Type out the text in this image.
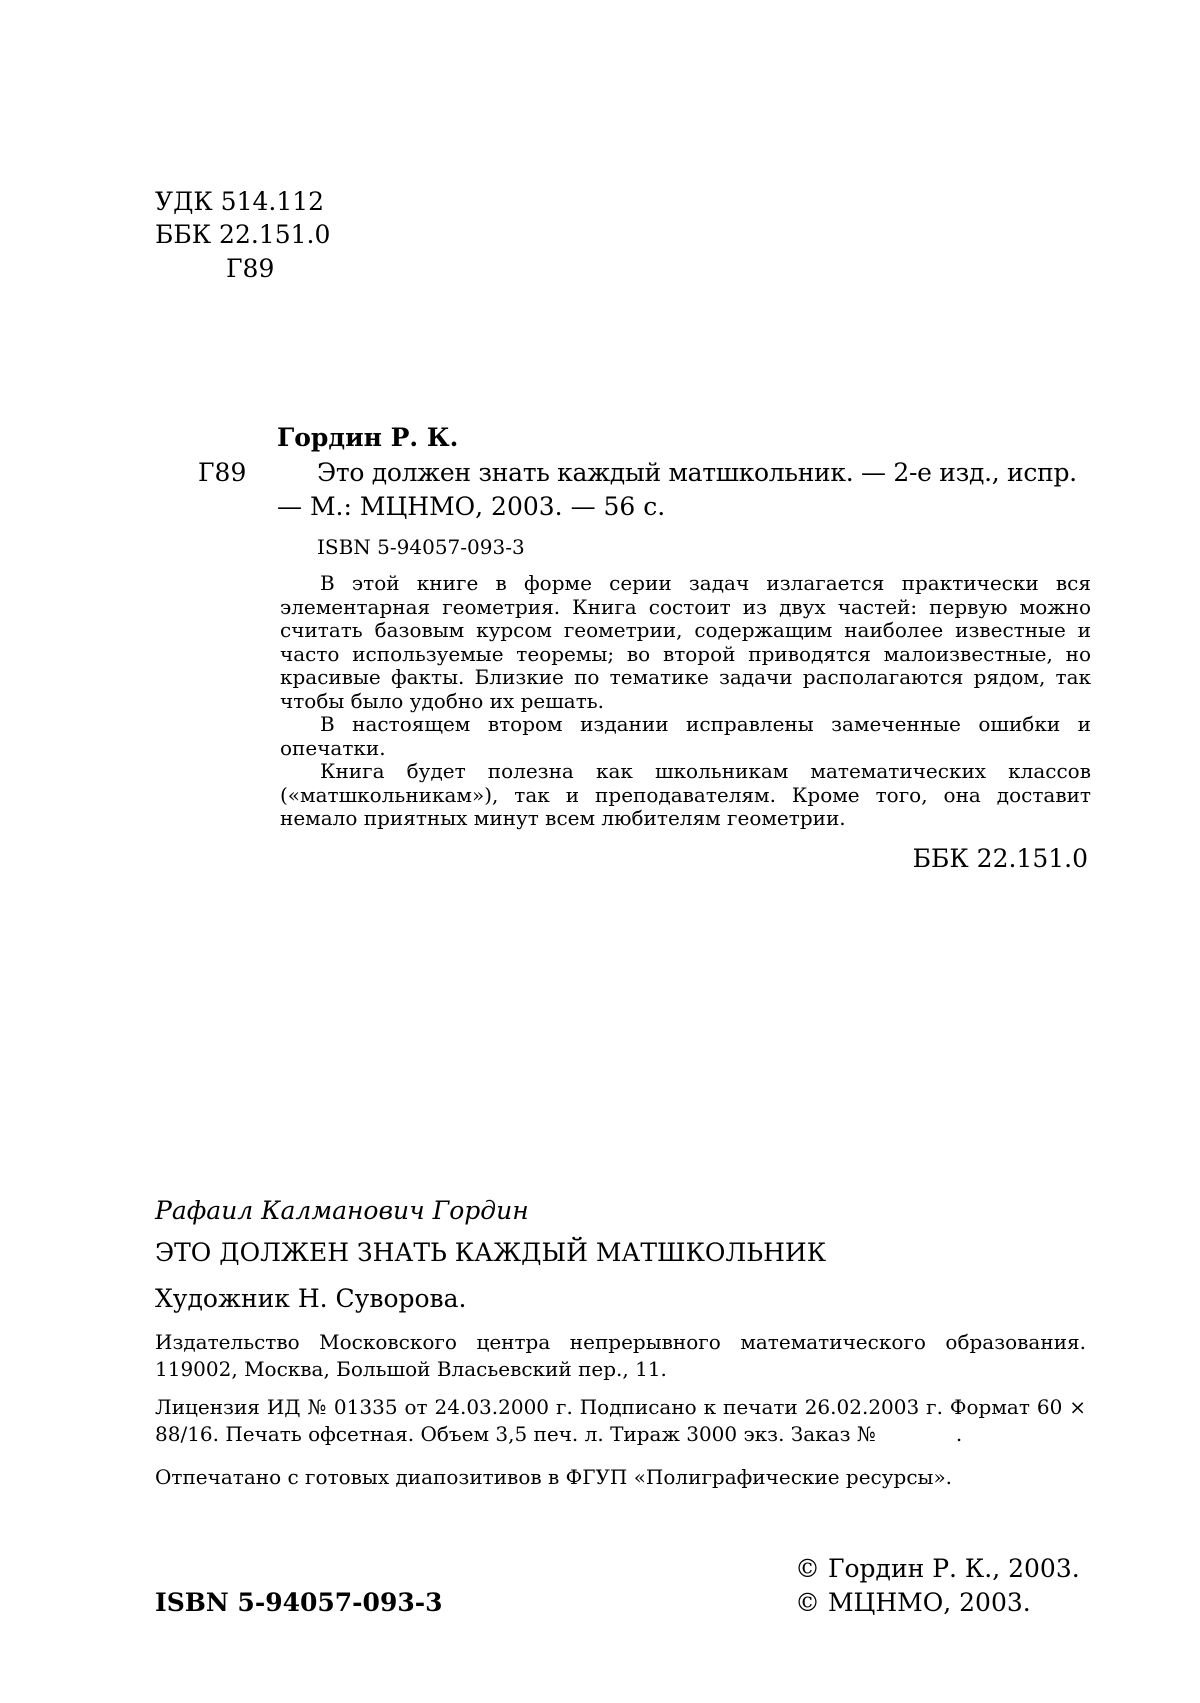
УДК 514.112
ББК 22.151.0
Г89
Гордин Р. К.
Г89	Это должен знать каждый матшкольник. — 2-е изд., испр.
— М.: МЦНМО, 2003. — 56 с.
ISBN 5-94057-093-3

В этой книге в форме серии задач излагается практически вся элементарная геометрия. Книга состоит из двух частей: первую можно считать базовым курсом геометрии, содержащим наиболее известные и часто используемые теоремы; во второй приводятся малоизвестные, но красивые факты. Близкие по тематике задачи располагаются рядом, так чтобы было удобно их решать.

В настоящем втором издании исправлены замеченные ошибки и опечатки.

Книга будет полезна как школьникам математических классов («матшкольникам»), так и преподавателям. Кроме того, она доставит немало приятных минут всем любителям геометрии.

ББК 22.151.0
Рафаил Калманович Гордин
ЭТО ДОЛЖЕН ЗНАТЬ КАЖДЫЙ МАТШКОЛЬНИК
Художник Н. Суворова.

Издательство Московского центра непрерывного математического образования. 119002, Москва, Большой Власьевский пер., 11.

Лицензия ИД № 01335 от 24.03.2000 г. Подписано к печати 26.02.2003 г. Формат 60 × 88/16. Печать офсетная. Объем 3,5 печ. л. Тираж 3000 экз. Заказ №	.

Отпечатано с готовых диапозитивов в ФГУП «Полиграфические ресурсы».
© Гордин Р. К., 2003.
ISBN 5-94057-093-3	© МЦНМО, 2003.
